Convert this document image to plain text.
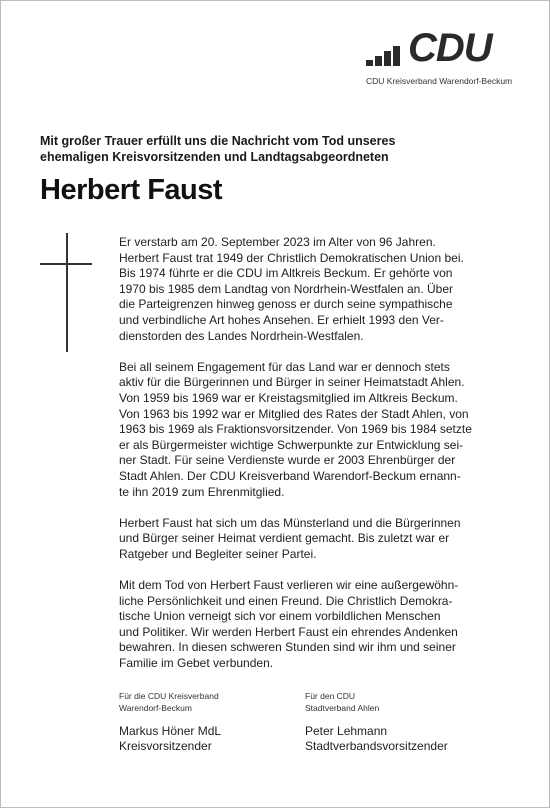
CDU
CDU Kreisverband Warendorf-Beckum
Mit großer Trauer erfüllt uns die Nachricht vom Tod unseres
ehemaligen Kreisvorsitzenden und Landtagsabgeordneten
Herbert Faust
Er verstarb am 20. September 2023 im Alter von 96 Jahren.
Herbert Faust trat 1949 der Christlich Demokratischen Union bei.
Bis 1974 führte er die CDU im Altkreis Beckum. Er gehörte von
1970 bis 1985 dem Landtag von Nordrhein-Westfalen an. Über
die Parteigrenzen hinweg genoss er durch seine sympathische
und verbindliche Art hohes Ansehen. Er erhielt 1993 den Ver-
dienstorden des Landes Nordrhein-Westfalen.
Bei all seinem Engagement für das Land war er dennoch stets
aktiv für die Bürgerinnen und Bürger in seiner Heimatstadt Ahlen.
Von 1959 bis 1969 war er Kreistagsmitglied im Altkreis Beckum.
Von 1963 bis 1992 war er Mitglied des Rates der Stadt Ahlen, von
1963 bis 1969 als Fraktionsvorsitzender. Von 1969 bis 1984 setzte
er als Bürgermeister wichtige Schwerpunkte zur Entwicklung sei-
ner Stadt. Für seine Verdienste wurde er 2003 Ehrenbürger der
Stadt Ahlen. Der CDU Kreisverband Warendorf-Beckum ernann-
te ihn 2019 zum Ehrenmitglied.
Herbert Faust hat sich um das Münsterland und die Bürgerinnen
und Bürger seiner Heimat verdient gemacht. Bis zuletzt war er
Ratgeber und Begleiter seiner Partei.
Mit dem Tod von Herbert Faust verlieren wir eine außergewöhn-
liche Persönlichkeit und einen Freund. Die Christlich Demokra-
tische Union verneigt sich vor einem vorbildlichen Menschen
und Politiker. Wir werden Herbert Faust ein ehrendes Andenken
bewahren. In diesen schweren Stunden sind wir ihm und seiner
Familie im Gebet verbunden.
Für die CDU Kreisverband
Warendorf-Beckum
Markus Höner MdL
Kreisvorsitzender
Für den CDU
Stadtverband Ahlen
Peter Lehmann
Stadtverbandsvorsitzender
